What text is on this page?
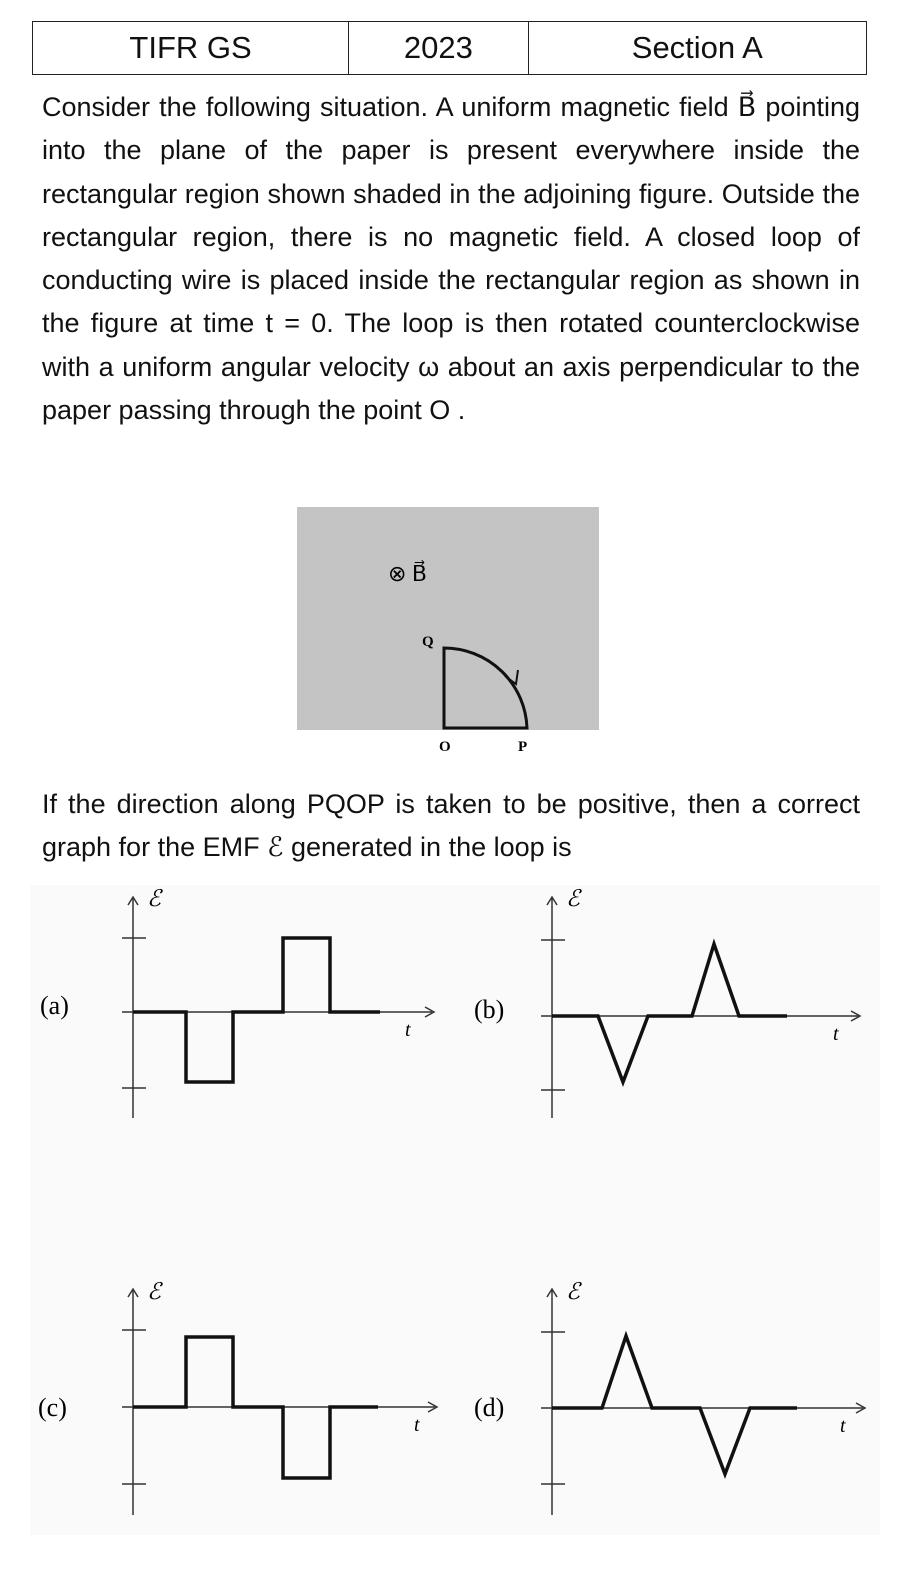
TIFR GS	2023	Section A

Consider the following situation. A uniform magnetic field B⃗ pointing into the plane of the paper is present everywhere inside the rectangular region shown shaded in the adjoining figure. Outside the rectangular region, there is no magnetic field. A closed loop of conducting wire is placed inside the rectangular region as shown in the figure at time t = 0. The loop is then rotated counterclockwise with a uniform angular velocity ω about an axis perpendicular to the paper passing through the point O .

⊗ B⃗
Q
O	P

If the direction along PQOP is taken to be positive, then a correct graph for the EMF ℰ generated in the loop is

(a)
ℰ
t
(b)
ℰ
t
(c)
ℰ
t
(d)
ℰ
t
